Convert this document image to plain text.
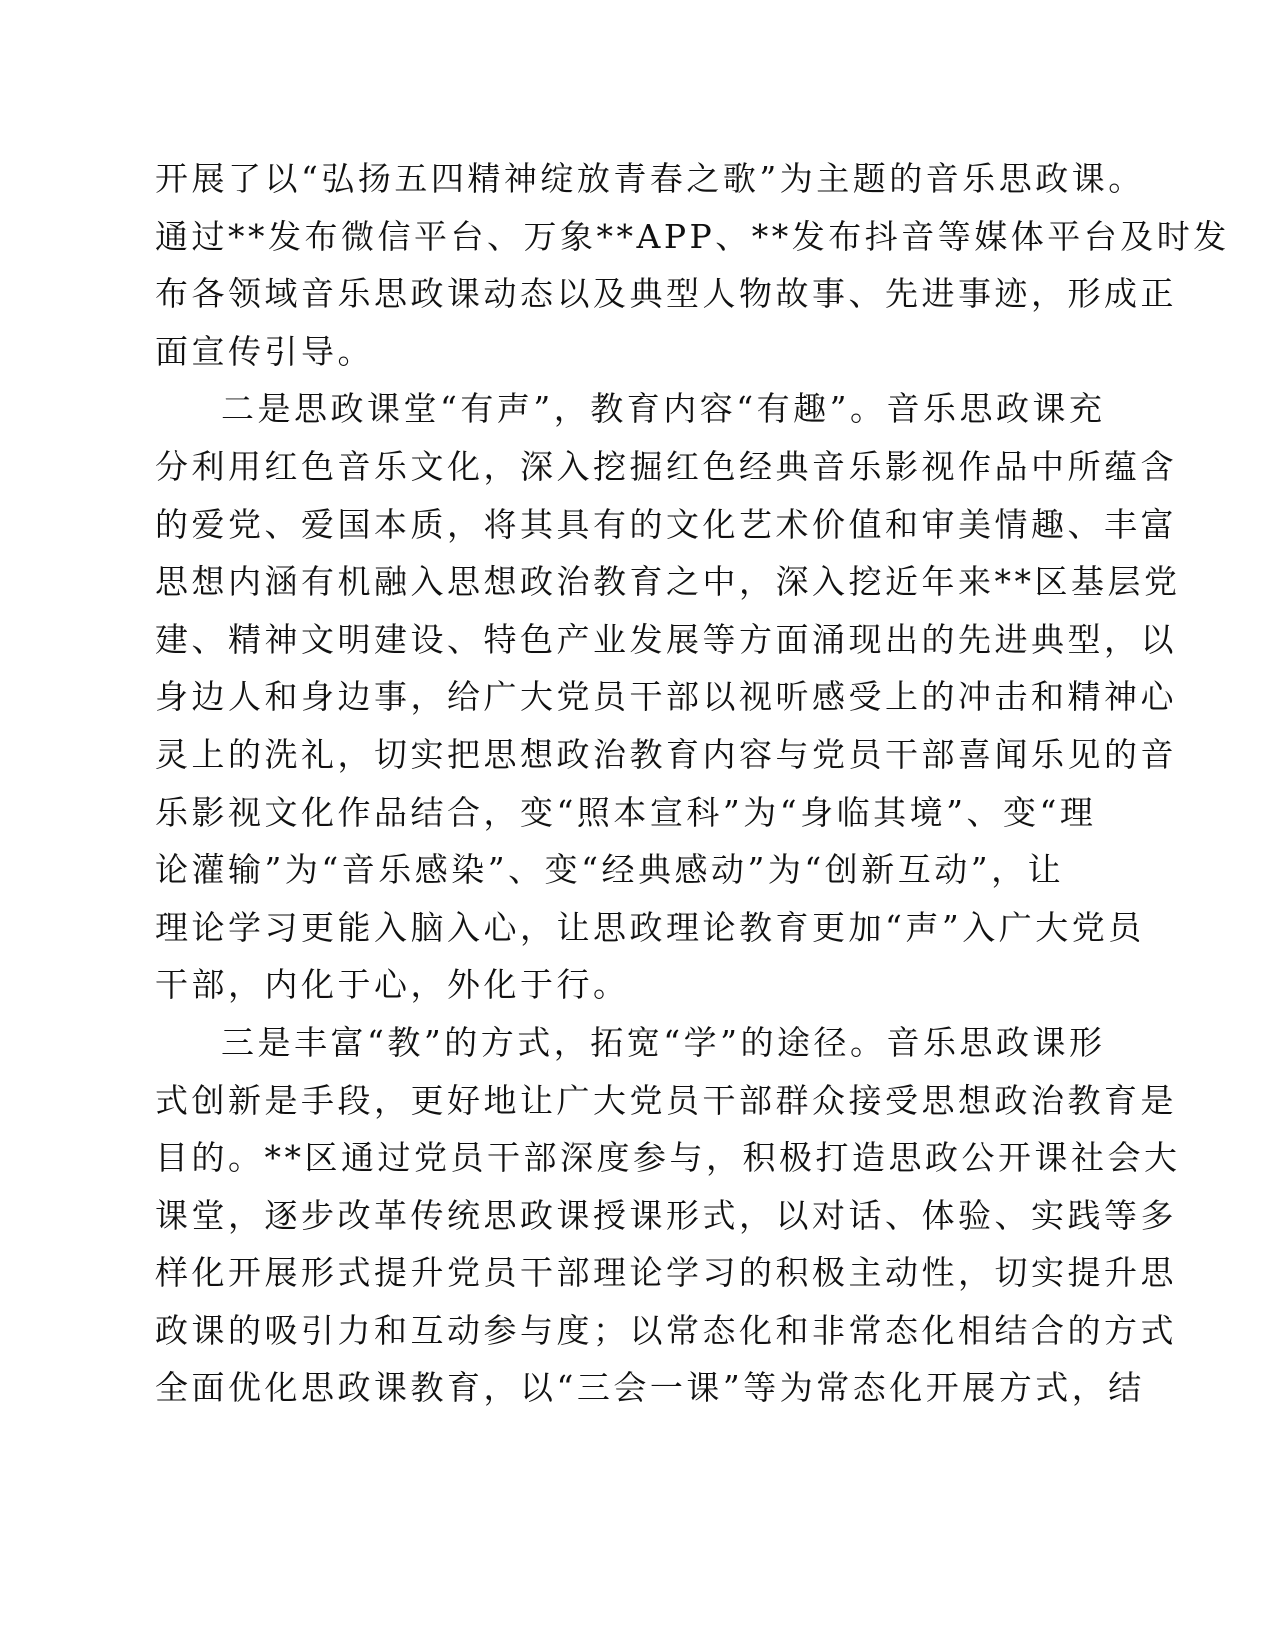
开展了以“弘扬五四精神绽放青春之歌”为主题的音乐思政课。
通过**发布微信平台、万象**APP、**发布抖音等媒体平台及时发
布各领域音乐思政课动态以及典型人物故事、先进事迹，形成正
面宣传引导。
二是思政课堂“有声”，教育内容“有趣”。音乐思政课充
分利用红色音乐文化，深入挖掘红色经典音乐影视作品中所蕴含
的爱党、爱国本质，将其具有的文化艺术价值和审美情趣、丰富
思想内涵有机融入思想政治教育之中，深入挖近年来**区基层党
建、精神文明建设、特色产业发展等方面涌现出的先进典型，以
身边人和身边事，给广大党员干部以视听感受上的冲击和精神心
灵上的洗礼，切实把思想政治教育内容与党员干部喜闻乐见的音
乐影视文化作品结合，变“照本宣科”为“身临其境”、变“理
论灌输”为“音乐感染”、变“经典感动”为“创新互动”，让
理论学习更能入脑入心，让思政理论教育更加“声”入广大党员
干部，内化于心，外化于行。
三是丰富“教”的方式，拓宽“学”的途径。音乐思政课形
式创新是手段，更好地让广大党员干部群众接受思想政治教育是
目的。**区通过党员干部深度参与，积极打造思政公开课社会大
课堂，逐步改革传统思政课授课形式，以对话、体验、实践等多
样化开展形式提升党员干部理论学习的积极主动性，切实提升思
政课的吸引力和互动参与度；以常态化和非常态化相结合的方式
全面优化思政课教育，以“三会一课”等为常态化开展方式，结
